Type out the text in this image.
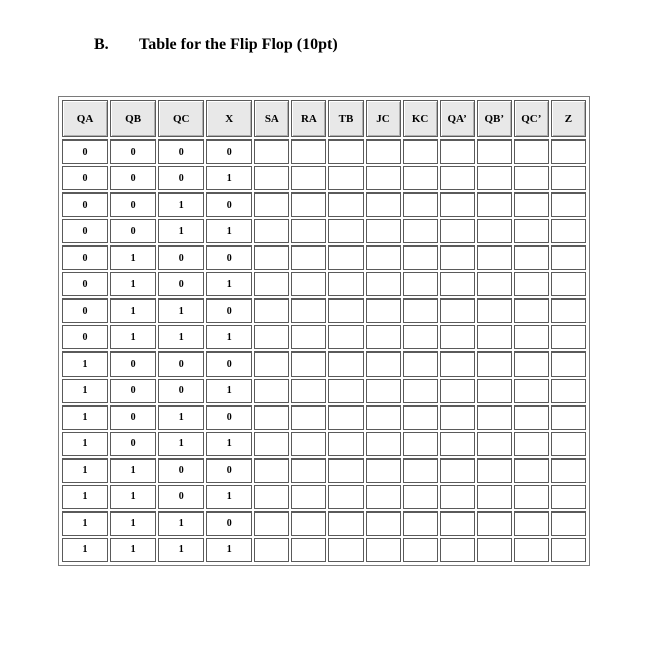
B. Table for the Flip Flop (10pt)
QA	QB	QC	X	SA	RA	TB	JC	KC	QA’	QB’	QC’	Z
0	0	0	0									
0	0	0	1									
0	0	1	0									
0	0	1	1									
0	1	0	0									
0	1	0	1									
0	1	1	0									
0	1	1	1									
1	0	0	0									
1	0	0	1									
1	0	1	0									
1	0	1	1									
1	1	0	0									
1	1	0	1									
1	1	1	0									
1	1	1	1									
